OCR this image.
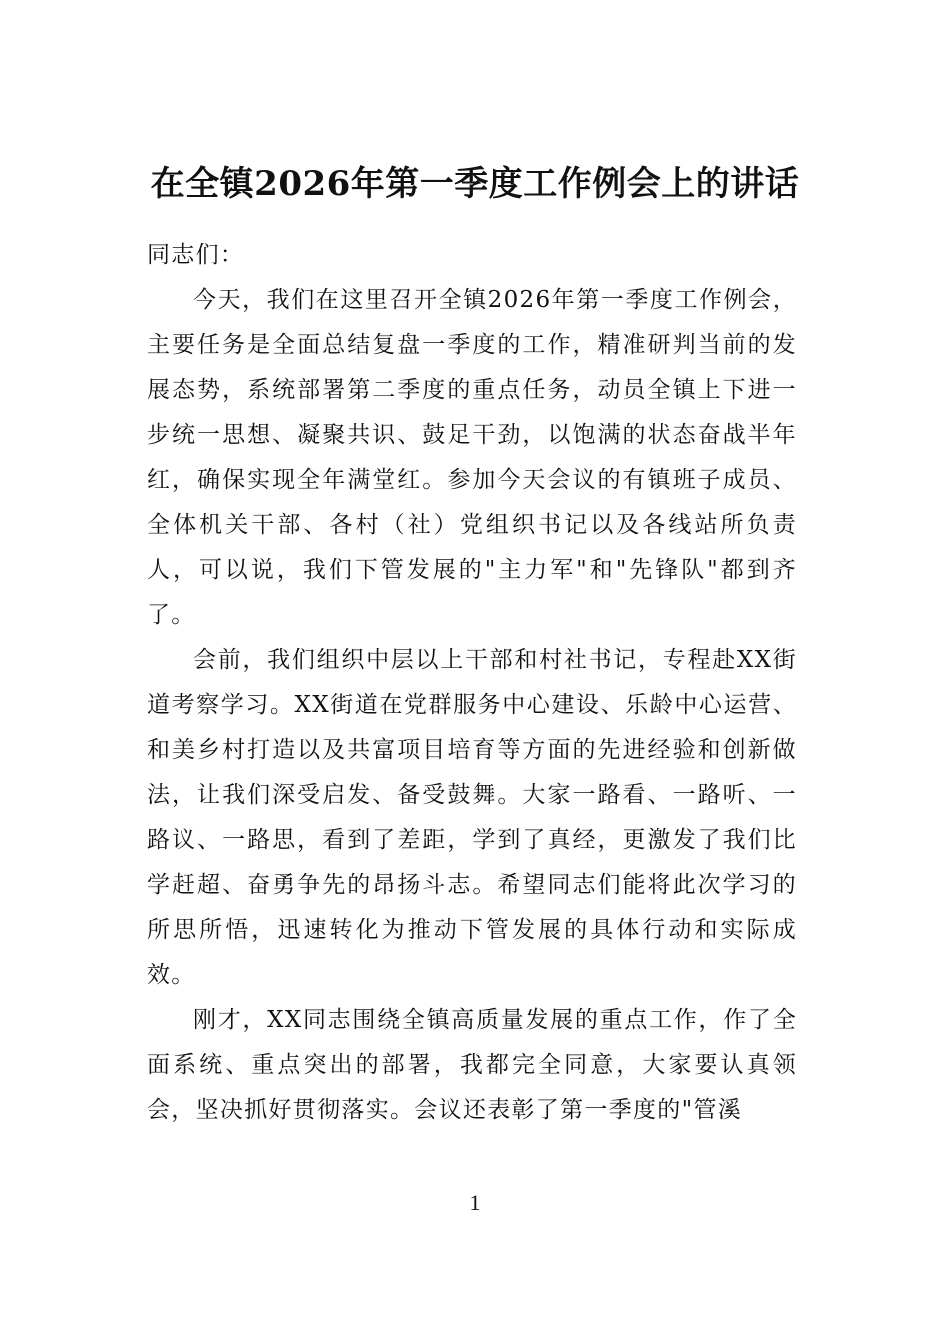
在全镇2026年第一季度工作例会上的讲话

同志们：

今天，我们在这里召开全镇2026年第一季度工作例会，主要任务是全面总结复盘一季度的工作，精准研判当前的发展态势，系统部署第二季度的重点任务，动员全镇上下进一步统一思想、凝聚共识、鼓足干劲，以饱满的状态奋战半年红，确保实现全年满堂红。参加今天会议的有镇班子成员、全体机关干部、各村（社）党组织书记以及各线站所负责人，可以说，我们下管发展的"主力军"和"先锋队"都到齐了。

会前，我们组织中层以上干部和村社书记，专程赴XX街道考察学习。XX街道在党群服务中心建设、乐龄中心运营、和美乡村打造以及共富项目培育等方面的先进经验和创新做法，让我们深受启发、备受鼓舞。大家一路看、一路听、一路议、一路思，看到了差距，学到了真经，更激发了我们比学赶超、奋勇争先的昂扬斗志。希望同志们能将此次学习的所思所悟，迅速转化为推动下管发展的具体行动和实际成效。

刚才，XX同志围绕全镇高质量发展的重点工作，作了全面系统、重点突出的部署，我都完全同意，大家要认真领会，坚决抓好贯彻落实。会议还表彰了第一季度的"管溪

1
